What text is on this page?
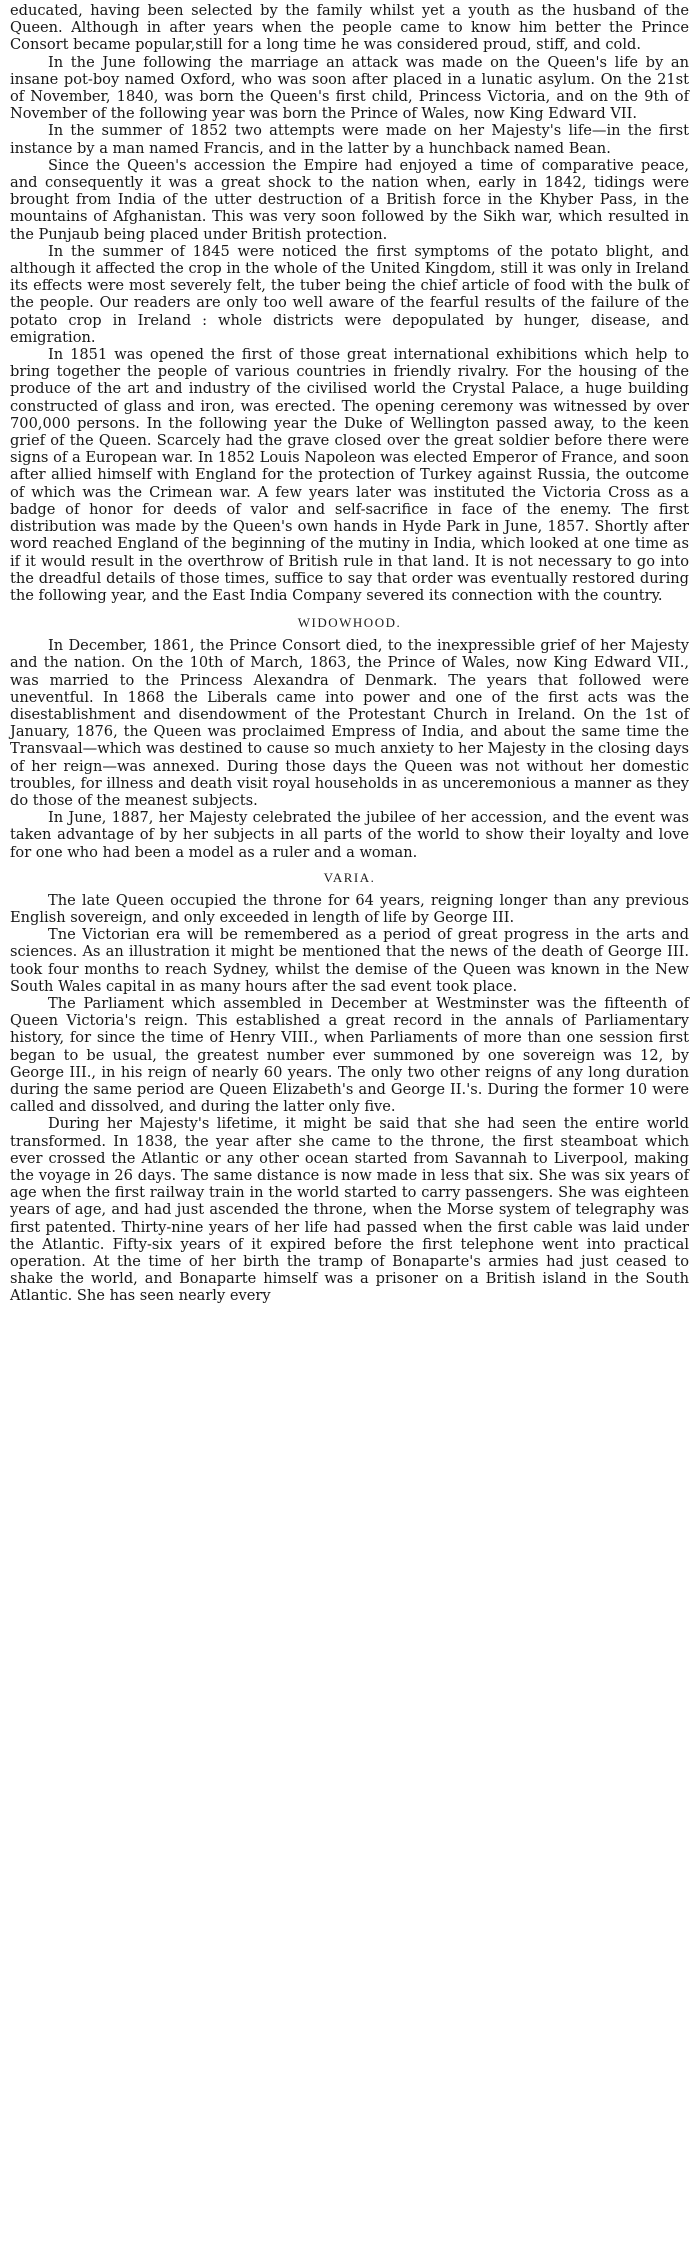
educated, having been selected by the family whilst yet a youth as the husband of the Queen. Although in after years when the people came to know him better the Prince Consort became popular,still for a long time he was considered proud, stiff, and cold.

In the June following the marriage an attack was made on the Queen's life by an insane pot-boy named Oxford, who was soon after placed in a lunatic asylum. On the 21st of November, 1840, was born the Queen's first child, Princess Victoria, and on the 9th of November of the following year was born the Prince of Wales, now King Edward VII.

In the summer of 1852 two attempts were made on her Majesty's life—in the first instance by a man named Francis, and in the latter by a hunchback named Bean.

Since the Queen's accession the Empire had enjoyed a time of comparative peace, and consequently it was a great shock to the nation when, early in 1842, tidings were brought from India of the utter destruction of a British force in the Khyber Pass, in the mountains of Afghanistan. This was very soon followed by the Sikh war, which resulted in the Punjaub being placed under British protection.

In the summer of 1845 were noticed the first symptoms of the potato blight, and although it affected the crop in the whole of the United Kingdom, still it was only in Ireland its effects were most severely felt, the tuber being the chief article of food with the bulk of the people. Our readers are only too well aware of the fearful results of the failure of the potato crop in Ireland : whole districts were depopulated by hunger, disease, and emigration.

In 1851 was opened the first of those great international exhibitions which help to bring together the people of various countries in friendly rivalry. For the housing of the produce of the art and industry of the civilised world the Crystal Palace, a huge building constructed of glass and iron, was erected. The opening ceremony was witnessed by over 700,000 persons. In the following year the Duke of Wellington passed away, to the keen grief of the Queen. Scarcely had the grave closed over the great soldier before there were signs of a European war. In 1852 Louis Napoleon was elected Emperor of France, and soon after allied himself with England for the protection of Turkey against Russia, the outcome of which was the Crimean war. A few years later was instituted the Victoria Cross as a badge of honor for deeds of valor and self-sacrifice in face of the enemy. The first distribution was made by the Queen's own hands in Hyde Park in June, 1857. Shortly after word reached England of the beginning of the mutiny in India, which looked at one time as if it would result in the overthrow of British rule in that land. It is not necessary to go into the dreadful details of those times, suffice to say that order was eventually restored during the following year, and the East India Company severed its connection with the country.

WIDOWHOOD.

In December, 1861, the Prince Consort died, to the inexpressible grief of her Majesty and the nation. On the 10th of March, 1863, the Prince of Wales, now King Edward VII., was married to the Princess Alexandra of Denmark. The years that followed were uneventful. In 1868 the Liberals came into power and one of the first acts was the disestablishment and disendowment of the Protestant Church in Ireland. On the 1st of January, 1876, the Queen was proclaimed Empress of India, and about the same time the Transvaal—which was destined to cause so much anxiety to her Majesty in the closing days of her reign—was annexed. During those days the Queen was not without her domestic troubles, for illness and death visit royal households in as unceremonious a manner as they do those of the meanest subjects.

In June, 1887, her Majesty celebrated the jubilee of her accession, and the event was taken advantage of by her subjects in all parts of the world to show their loyalty and love for one who had been a model as a ruler and a woman.

VARIA.

The late Queen occupied the throne for 64 years, reigning longer than any previous English sovereign, and only exceeded in length of life by George III.

Tne Victorian era will be remembered as a period of great progress in the arts and sciences. As an illustration it might be mentioned that the news of the death of George III. took four months to reach Sydney, whilst the demise of the Queen was known in the New South Wales capital in as many hours after the sad event took place.

The Parliament which assembled in December at Westminster was the fifteenth of Queen Victoria's reign. This established a great record in the annals of Parliamentary history, for since the time of Henry VIII., when Parliaments of more than one session first began to be usual, the greatest number ever summoned by one sovereign was 12, by George III., in his reign of nearly 60 years. The only two other reigns of any long duration during the same period are Queen Elizabeth's and George II.'s. During the former 10 were called and dissolved, and during the latter only five.

During her Majesty's lifetime, it might be said that she had seen the entire world transformed. In 1838, the year after she came to the throne, the first steamboat which ever crossed the Atlantic or any other ocean started from Savannah to Liverpool, making the voyage in 26 days. The same distance is now made in less that six. She was six years of age when the first railway train in the world started to carry passengers. She was eighteen years of age, and had just ascended the throne, when the Morse system of telegraphy was first patented. Thirty-nine years of her life had passed when the first cable was laid under the Atlantic. Fifty-six years of it expired before the first telephone went into practical operation. At the time of her birth the tramp of Bonaparte's armies had just ceased to shake the world, and Bonaparte himself was a prisoner on a British island in the South Atlantic. She has seen nearly every
